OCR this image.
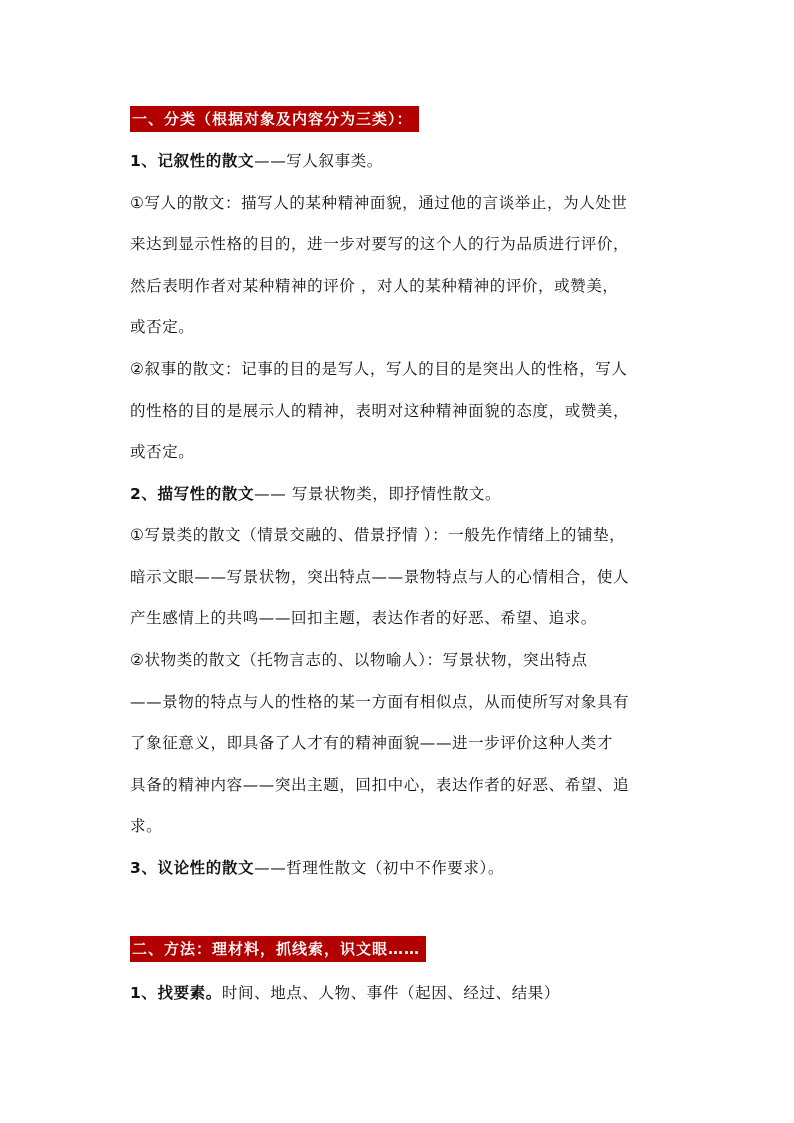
一、分类（根据对象及内容分为三类）：
1、记叙性的散文——写人叙事类。
①写人的散文：描写人的某种精神面貌，通过他的言谈举止，为人处世
来达到显示性格的目的，进一步对要写的这个人的行为品质进行评价，
然后表明作者对某种精神的评价 ，对人的某种精神的评价，或赞美，
或否定。
②叙事的散文：记事的目的是写人，写人的目的是突出人的性格，写人
的性格的目的是展示人的精神，表明对这种精神面貌的态度，或赞美，
或否定。
2、描写性的散文—— 写景状物类，即抒情性散文。
①写景类的散文（情景交融的、借景抒情 ）：一般先作情绪上的铺垫，
暗示文眼——写景状物，突出特点——景物特点与人的心情相合，使人
产生感情上的共鸣——回扣主题，表达作者的好恶、希望、追求。
②状物类的散文（托物言志的、以物喻人）：写景状物，突出特点
——景物的特点与人的性格的某一方面有相似点，从而使所写对象具有
了象征意义，即具备了人才有的精神面貌——进一步评价这种人类才
具备的精神内容——突出主题，回扣中心，表达作者的好恶、希望、追
求。
3、议论性的散文——哲理性散文（初中不作要求）。
二、方法：理材料，抓线索，识文眼……
1、找要素。时间、地点、人物、事件（起因、经过、结果）
